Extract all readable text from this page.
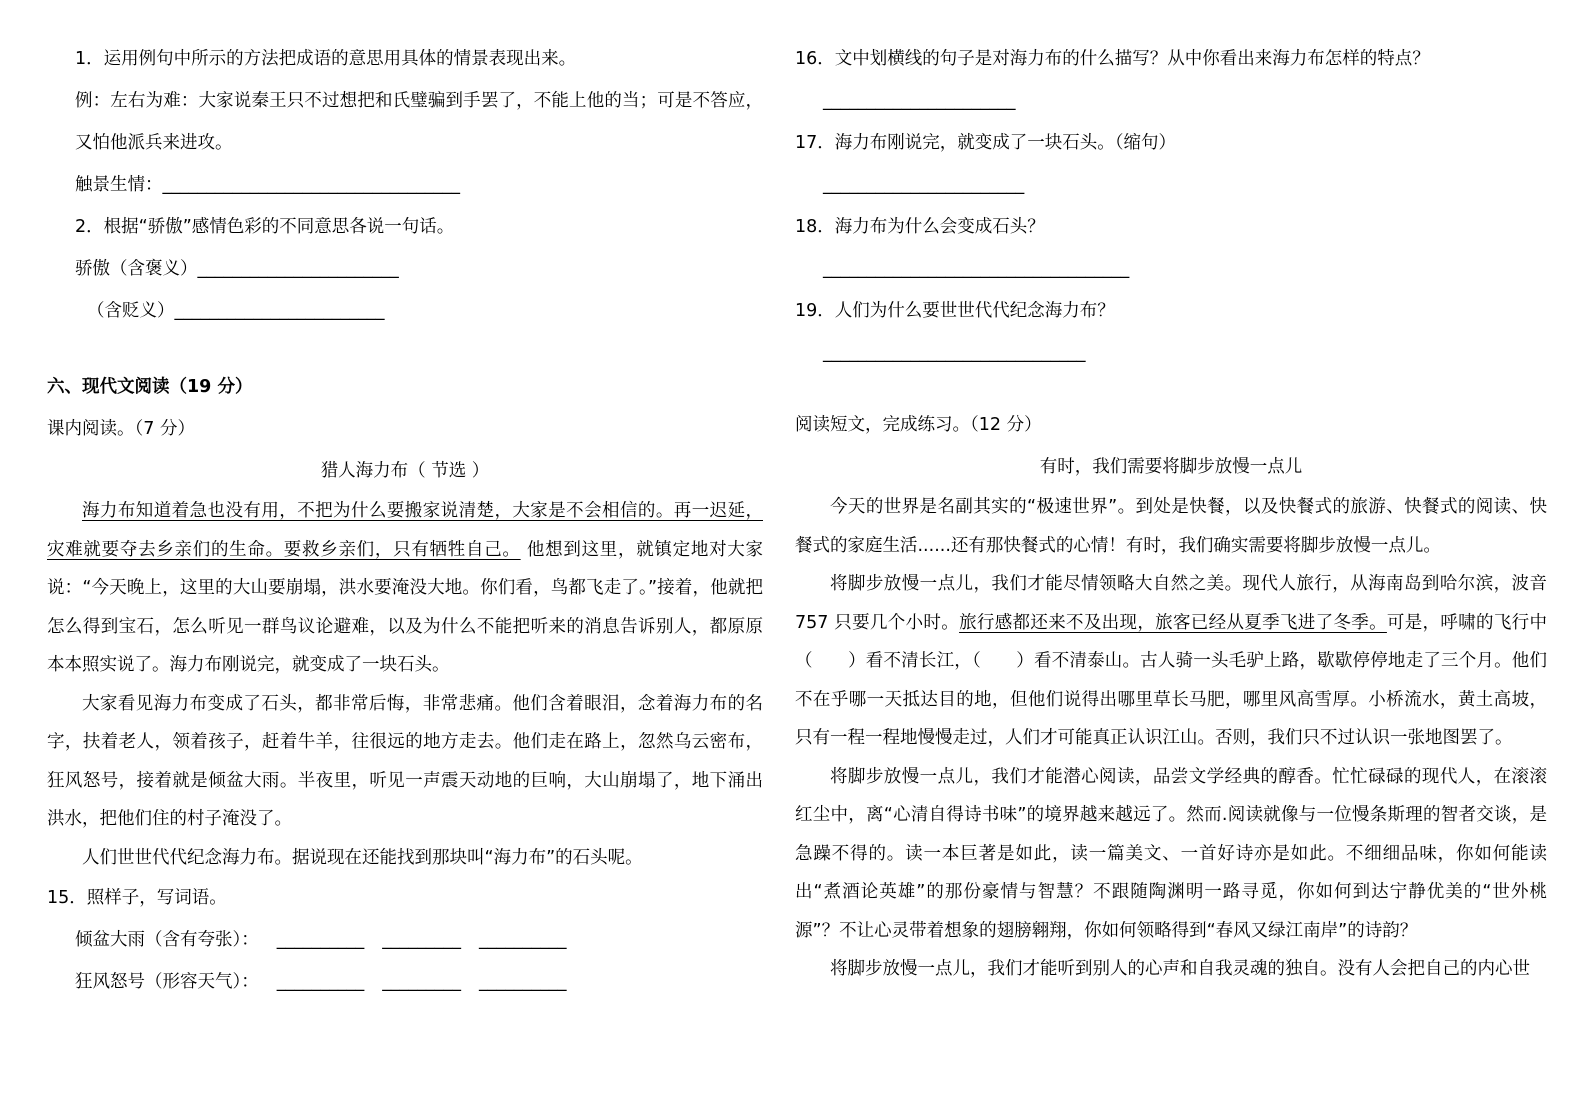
1．运用例句中所示的方法把成语的意思用具体的情景表现出来。
例：左右为难：大家说秦王只不过想把和氏璧骗到手罢了，不能上他的当；可是不答应，又怕他派兵来进攻。
触景生情：__________________________________
2．根据“骄傲”感情色彩的不同意思各说一句话。
骄傲（含褒义）_______________________
（含贬义）________________________
六、现代文阅读（19 分）
课内阅读。（7 分）
猎人海力布（ 节选 ）

海力布知道着急也没有用，不把为什么要搬家说清楚，大家是不会相信的。再一迟延，灾难就要夺去乡亲们的生命。要救乡亲们，只有牺牲自己。 他想到这里，就镇定地对大家说：“今天晚上，这里的大山要崩塌，洪水要淹没大地。你们看，鸟都飞走了。”接着，他就把怎么得到宝石，怎么听见一群鸟议论避难，以及为什么不能把听来的消息告诉别人，都原原本本照实说了。海力布刚说完，就变成了一块石头。

大家看见海力布变成了石头，都非常后悔，非常悲痛。他们含着眼泪，念着海力布的名字，扶着老人，领着孩子，赶着牛羊，往很远的地方走去。他们走在路上，忽然乌云密布，狂风怒号，接着就是倾盆大雨。半夜里，听见一声震天动地的巨响，大山崩塌了，地下涌出洪水，把他们住的村子淹没了。

人们世世代代纪念海力布。据说现在还能找到那块叫“海力布”的石头呢。

15．照样子，写词语。
倾盆大雨（含有夸张）： __________ _________ __________
狂风怒号（形容天气）： __________ _________ __________
16．文中划横线的句子是对海力布的什么描写？从中你看出来海力布怎样的特点？
______________________
17．海力布刚说完，就变成了一块石头。（缩句）
_______________________
18．海力布为什么会变成石头？
___________________________________
19．人们为什么要世世代代纪念海力布？
______________________________
阅读短文，完成练习。（12 分）
有时，我们需要将脚步放慢一点儿

今天的世界是名副其实的“极速世界”。到处是快餐，以及快餐式的旅游、快餐式的阅读、快餐式的家庭生活......还有那快餐式的心情！有时，我们确实需要将脚步放慢一点儿。

将脚步放慢一点儿，我们才能尽情领略大自然之美。现代人旅行，从海南岛到哈尔滨，波音757 只要几个小时。旅行感都还来不及出现，旅客已经从夏季飞进了冬季。可是，呼啸的飞行中（　　）看不清长江，（　　）看不清泰山。古人骑一头毛驴上路，歇歇停停地走了三个月。他们不在乎哪一天抵达目的地，但他们说得出哪里草长马肥，哪里风高雪厚。小桥流水，黄土高坡，只有一程一程地慢慢走过，人们才可能真正认识江山。否则，我们只不过认识一张地图罢了。

将脚步放慢一点儿，我们才能潜心阅读，品尝文学经典的醇香。忙忙碌碌的现代人，在滚滚红尘中，离“心清自得诗书味”的境界越来越远了。然而.阅读就像与一位慢条斯理的智者交谈，是急躁不得的。读一本巨著是如此，读一篇美文、一首好诗亦是如此。不细细品味，你如何能读出“煮酒论英雄”的那份豪情与智慧？不跟随陶渊明一路寻觅，你如何到达宁静优美的“世外桃源”？不让心灵带着想象的翅膀翱翔，你如何领略得到“春风又绿江南岸”的诗韵？

将脚步放慢一点儿，我们才能听到别人的心声和自我灵魂的独自。没有人会把自己的内心世
